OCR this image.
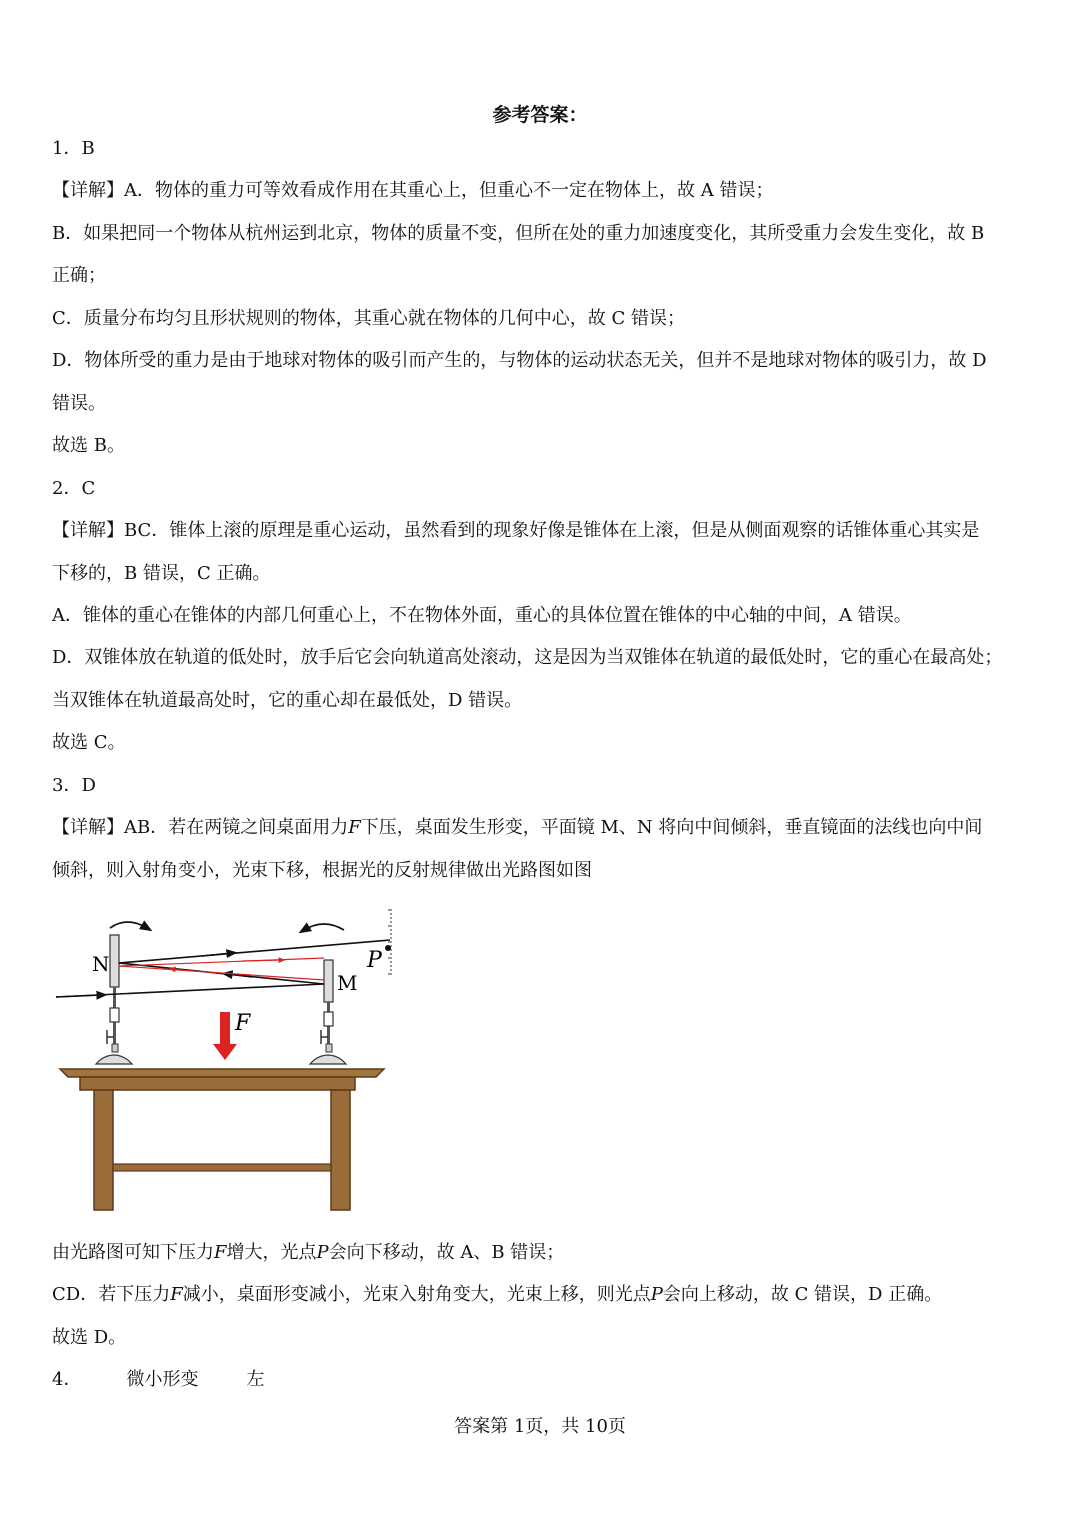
参考答案：
1．B
【详解】A．物体的重力可等效看成作用在其重心上，但重心不一定在物体上，故 A 错误；
B．如果把同一个物体从杭州运到北京，物体的质量不变，但所在处的重力加速度变化，其所受重力会发生变化，故 B
正确；
C．质量分布均匀且形状规则的物体，其重心就在物体的几何中心，故 C 错误；
D．物体所受的重力是由于地球对物体的吸引而产生的，与物体的运动状态无关，但并不是地球对物体的吸引力，故 D
错误。
故选 B。
2．C
【详解】BC．锥体上滚的原理是重心运动，虽然看到的现象好像是锥体在上滚，但是从侧面观察的话锥体重心其实是
下移的，B 错误，C 正确。
A．锥体的重心在锥体的内部几何重心上，不在物体外面，重心的具体位置在锥体的中心轴的中间，A 错误。
D．双锥体放在轨道的低处时，放手后它会向轨道高处滚动，这是因为当双锥体在轨道的最低处时，它的重心在最高处；
当双锥体在轨道最高处时，它的重心却在最低处，D 错误。
故选 C。
3．D
【详解】AB．若在两镜之间桌面用力F下压，桌面发生形变，平面镜 M、N 将向中间倾斜，垂直镜面的法线也向中间
倾斜，则入射角变小，光束下移，根据光的反射规律做出光路图如图
N
M
P
F
由光路图可知下压力F增大，光点P会向下移动，故 A、B 错误；
CD．若下压力F减小，桌面形变减小，光束入射角变大，光束上移，则光点P会向上移动，故 C 错误，D 正确。
故选 D。
4．	微小形变	左
答案第 1页，共 10页
